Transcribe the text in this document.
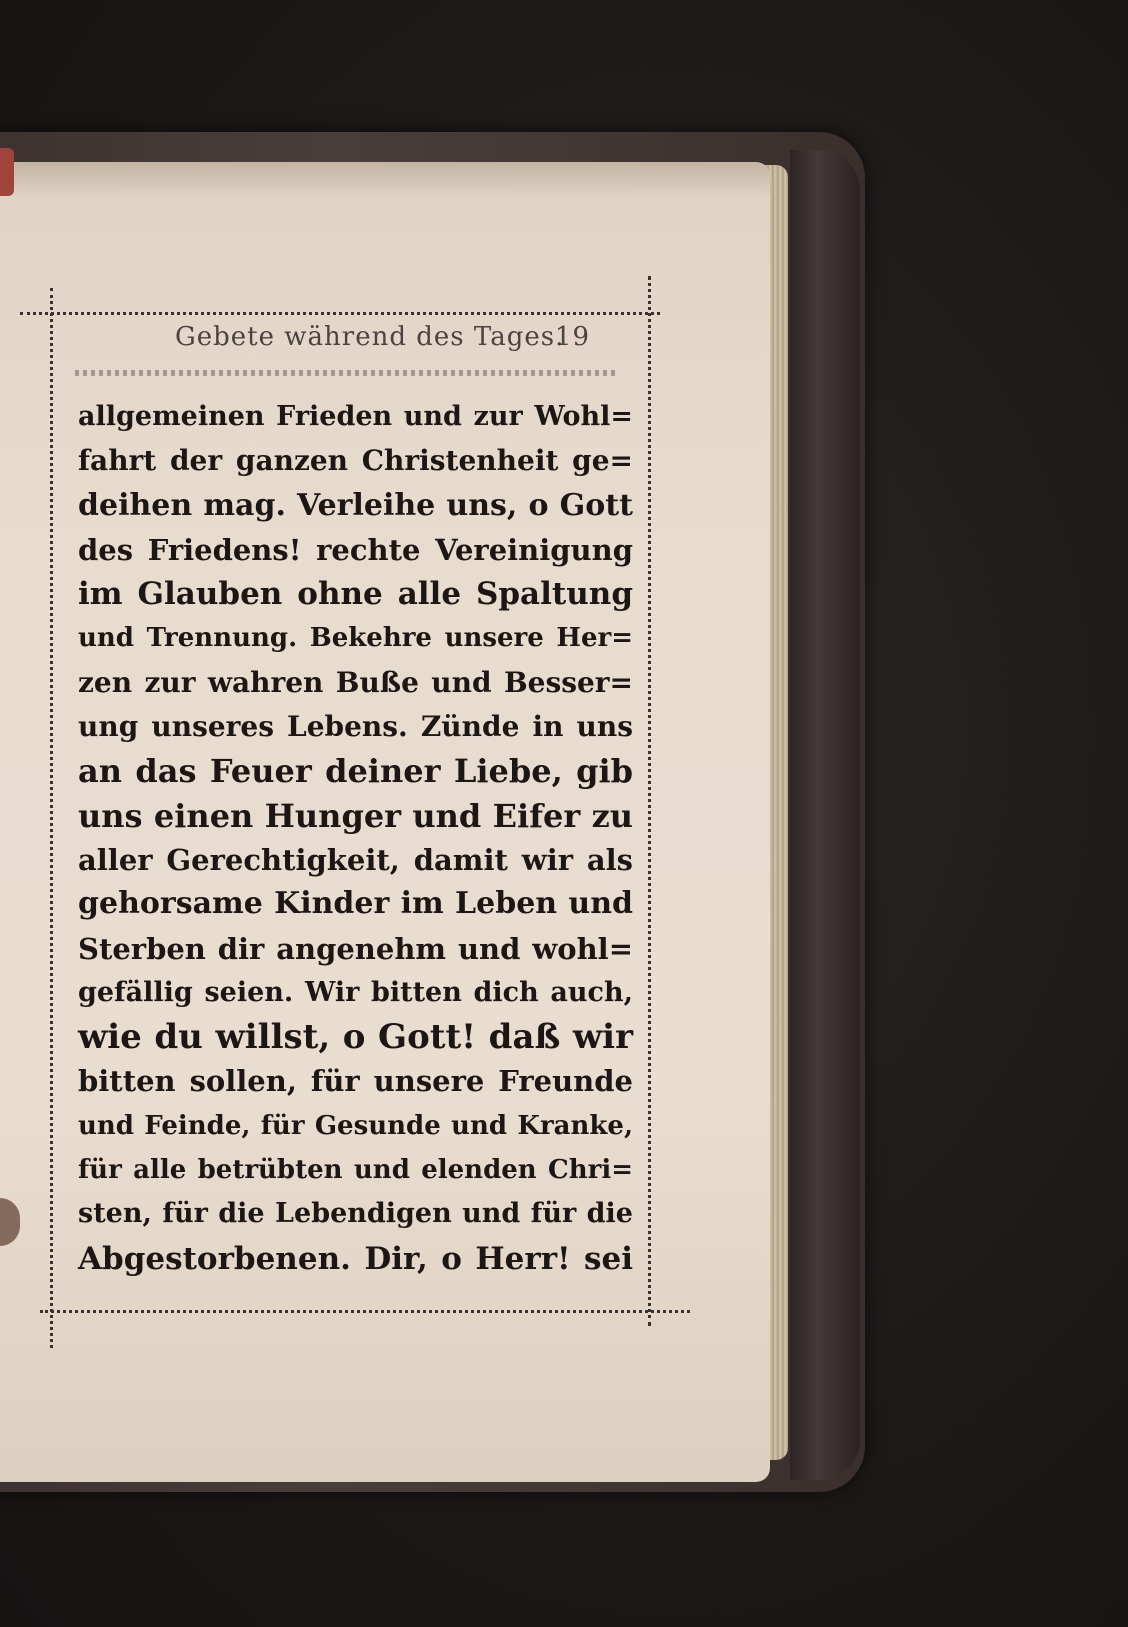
Gebete während des Tages.
19
allgemeinen Frieden und zur Wohl=
fahrt der ganzen Christenheit ge=
deihen mag. Verleihe uns, o Gott
des Friedens! rechte Vereinigung
im Glauben ohne alle Spaltung
und Trennung. Bekehre unsere Her=
zen zur wahren Buße und Besser=
ung unseres Lebens. Zünde in uns
an das Feuer deiner Liebe, gib
uns einen Hunger und Eifer zu
aller Gerechtigkeit, damit wir als
gehorsame Kinder im Leben und
Sterben dir angenehm und wohl=
gefällig seien. Wir bitten dich auch,
wie du willst, o Gott! daß wir
bitten sollen, für unsere Freunde
und Feinde, für Gesunde und Kranke,
für alle betrübten und elenden Chri=
sten, für die Lebendigen und für die
Abgestorbenen. Dir, o Herr! sei
